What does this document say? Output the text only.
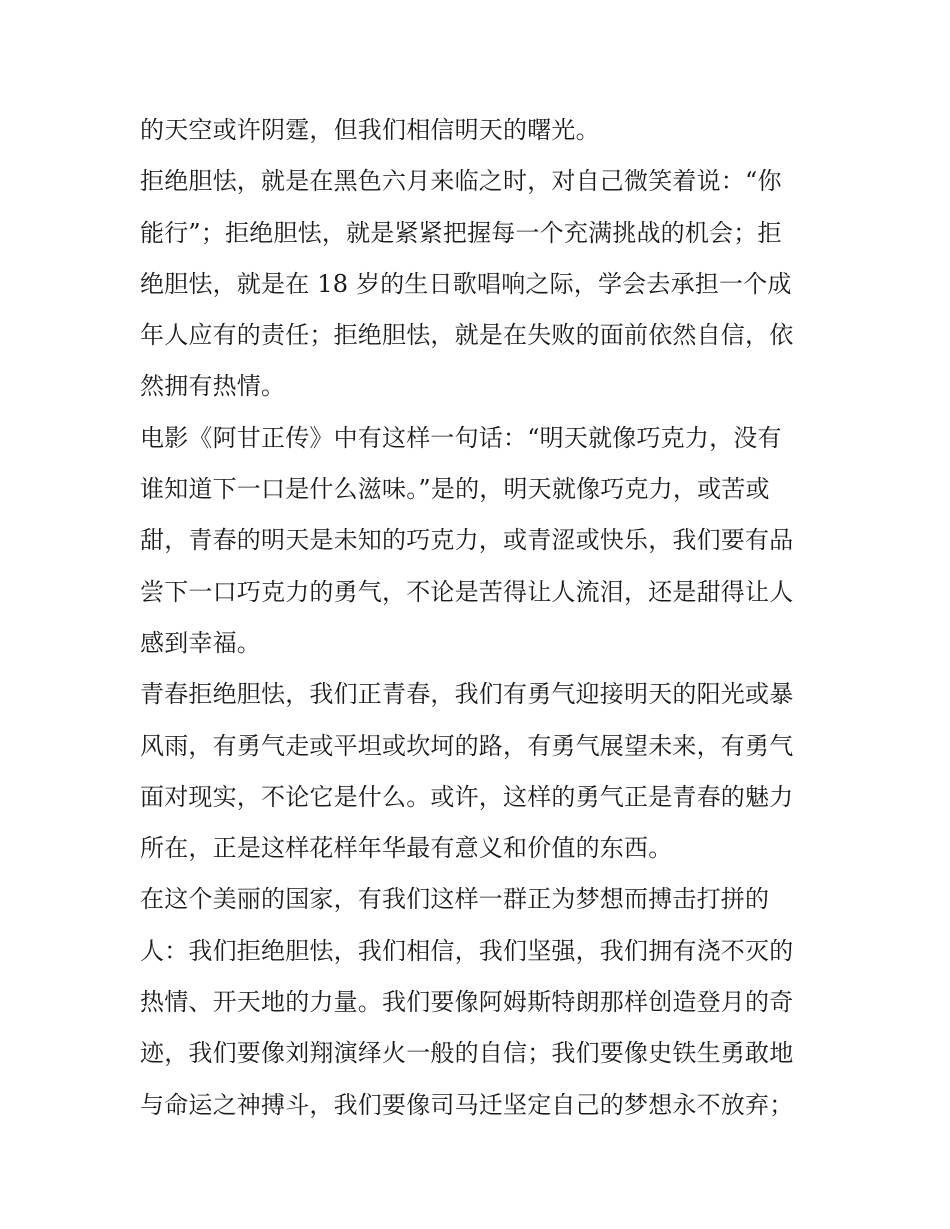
的天空或许阴霆，但我们相信明天的曙光。
拒绝胆怯，就是在黑色六月来临之时，对自己微笑着说：“你
能行”；拒绝胆怯，就是紧紧把握每一个充满挑战的机会；拒
绝胆怯，就是在 18 岁的生日歌唱响之际，学会去承担一个成
年人应有的责任；拒绝胆怯，就是在失败的面前依然自信，依
然拥有热情。
电影《阿甘正传》中有这样一句话：“明天就像巧克力，没有
谁知道下一口是什么滋味。”是的，明天就像巧克力，或苦或
甜，青春的明天是未知的巧克力，或青涩或快乐，我们要有品
尝下一口巧克力的勇气，不论是苦得让人流泪，还是甜得让人
感到幸福。
青春拒绝胆怯，我们正青春，我们有勇气迎接明天的阳光或暴
风雨，有勇气走或平坦或坎坷的路，有勇气展望未来，有勇气
面对现实，不论它是什么。或许，这样的勇气正是青春的魅力
所在，正是这样花样年华最有意义和价值的东西。
在这个美丽的国家，有我们这样一群正为梦想而搏击打拼的
人：我们拒绝胆怯，我们相信，我们坚强，我们拥有浇不灭的
热情、开天地的力量。我们要像阿姆斯特朗那样创造登月的奇
迹，我们要像刘翔演绎火一般的自信；我们要像史铁生勇敢地
与命运之神搏斗，我们要像司马迁坚定自己的梦想永不放弃；
